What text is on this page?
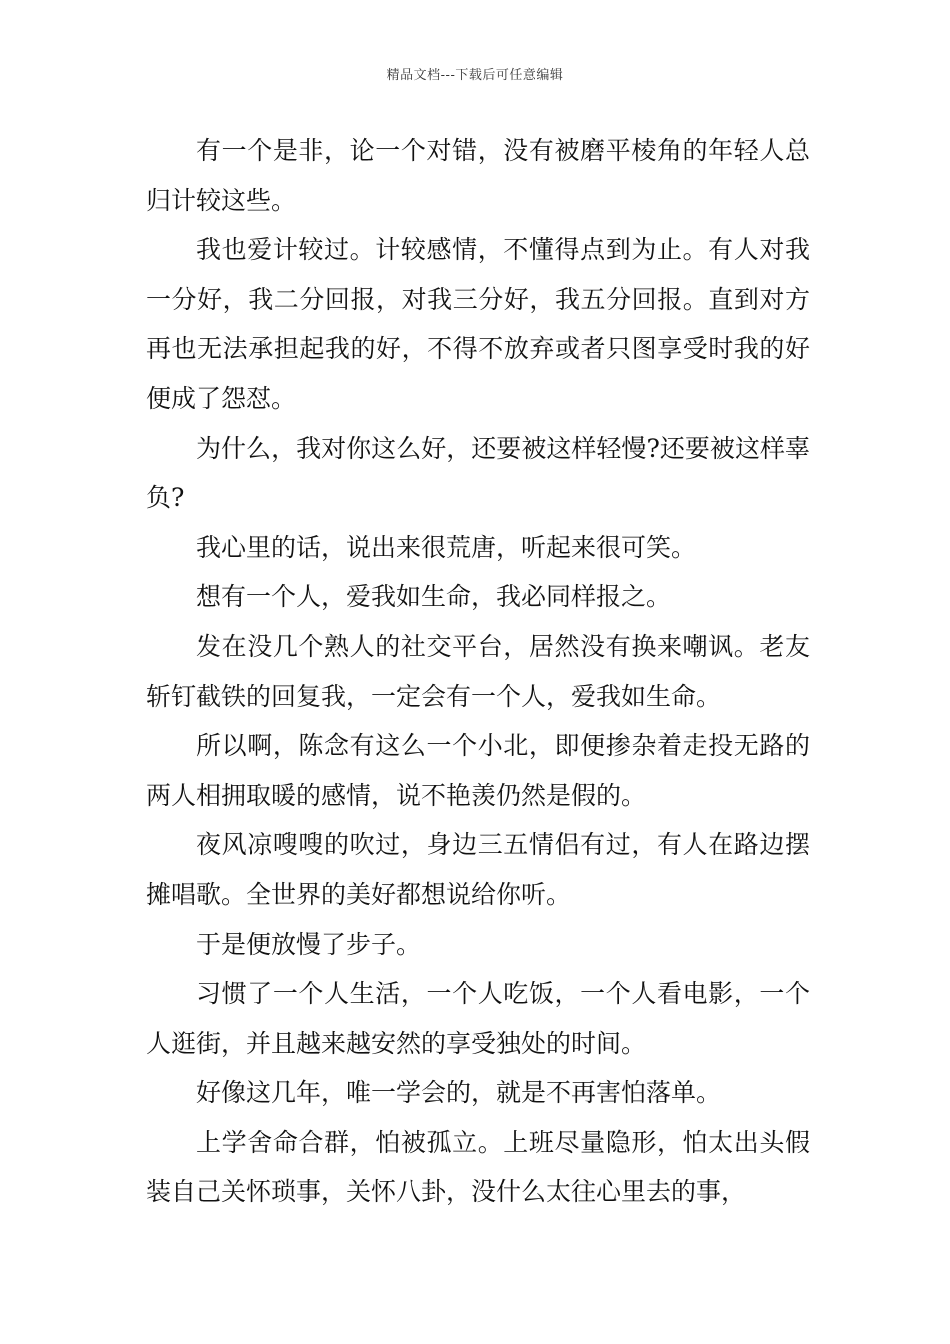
精品文档---下载后可任意编辑

有一个是非，论一个对错，没有被磨平棱角的年轻人总归计较这些。

我也爱计较过。计较感情，不懂得点到为止。有人对我一分好，我二分回报，对我三分好，我五分回报。直到对方再也无法承担起我的好，不得不放弃或者只图享受时我的好便成了怨怼。

为什么，我对你这么好，还要被这样轻慢?还要被这样辜负?

我心里的话，说出来很荒唐，听起来很可笑。

想有一个人，爱我如生命，我必同样报之。

发在没几个熟人的社交平台，居然没有换来嘲讽。老友斩钉截铁的回复我，一定会有一个人，爱我如生命。

所以啊，陈念有这么一个小北，即便掺杂着走投无路的两人相拥取暖的感情，说不艳羡仍然是假的。

夜风凉嗖嗖的吹过，身边三五情侣有过，有人在路边摆摊唱歌。全世界的美好都想说给你听。

于是便放慢了步子。

习惯了一个人生活，一个人吃饭，一个人看电影，一个人逛街，并且越来越安然的享受独处的时间。

好像这几年，唯一学会的，就是不再害怕落单。

上学舍命合群，怕被孤立。上班尽量隐形，怕太出头假装自己关怀琐事，关怀八卦，没什么太往心里去的事，
